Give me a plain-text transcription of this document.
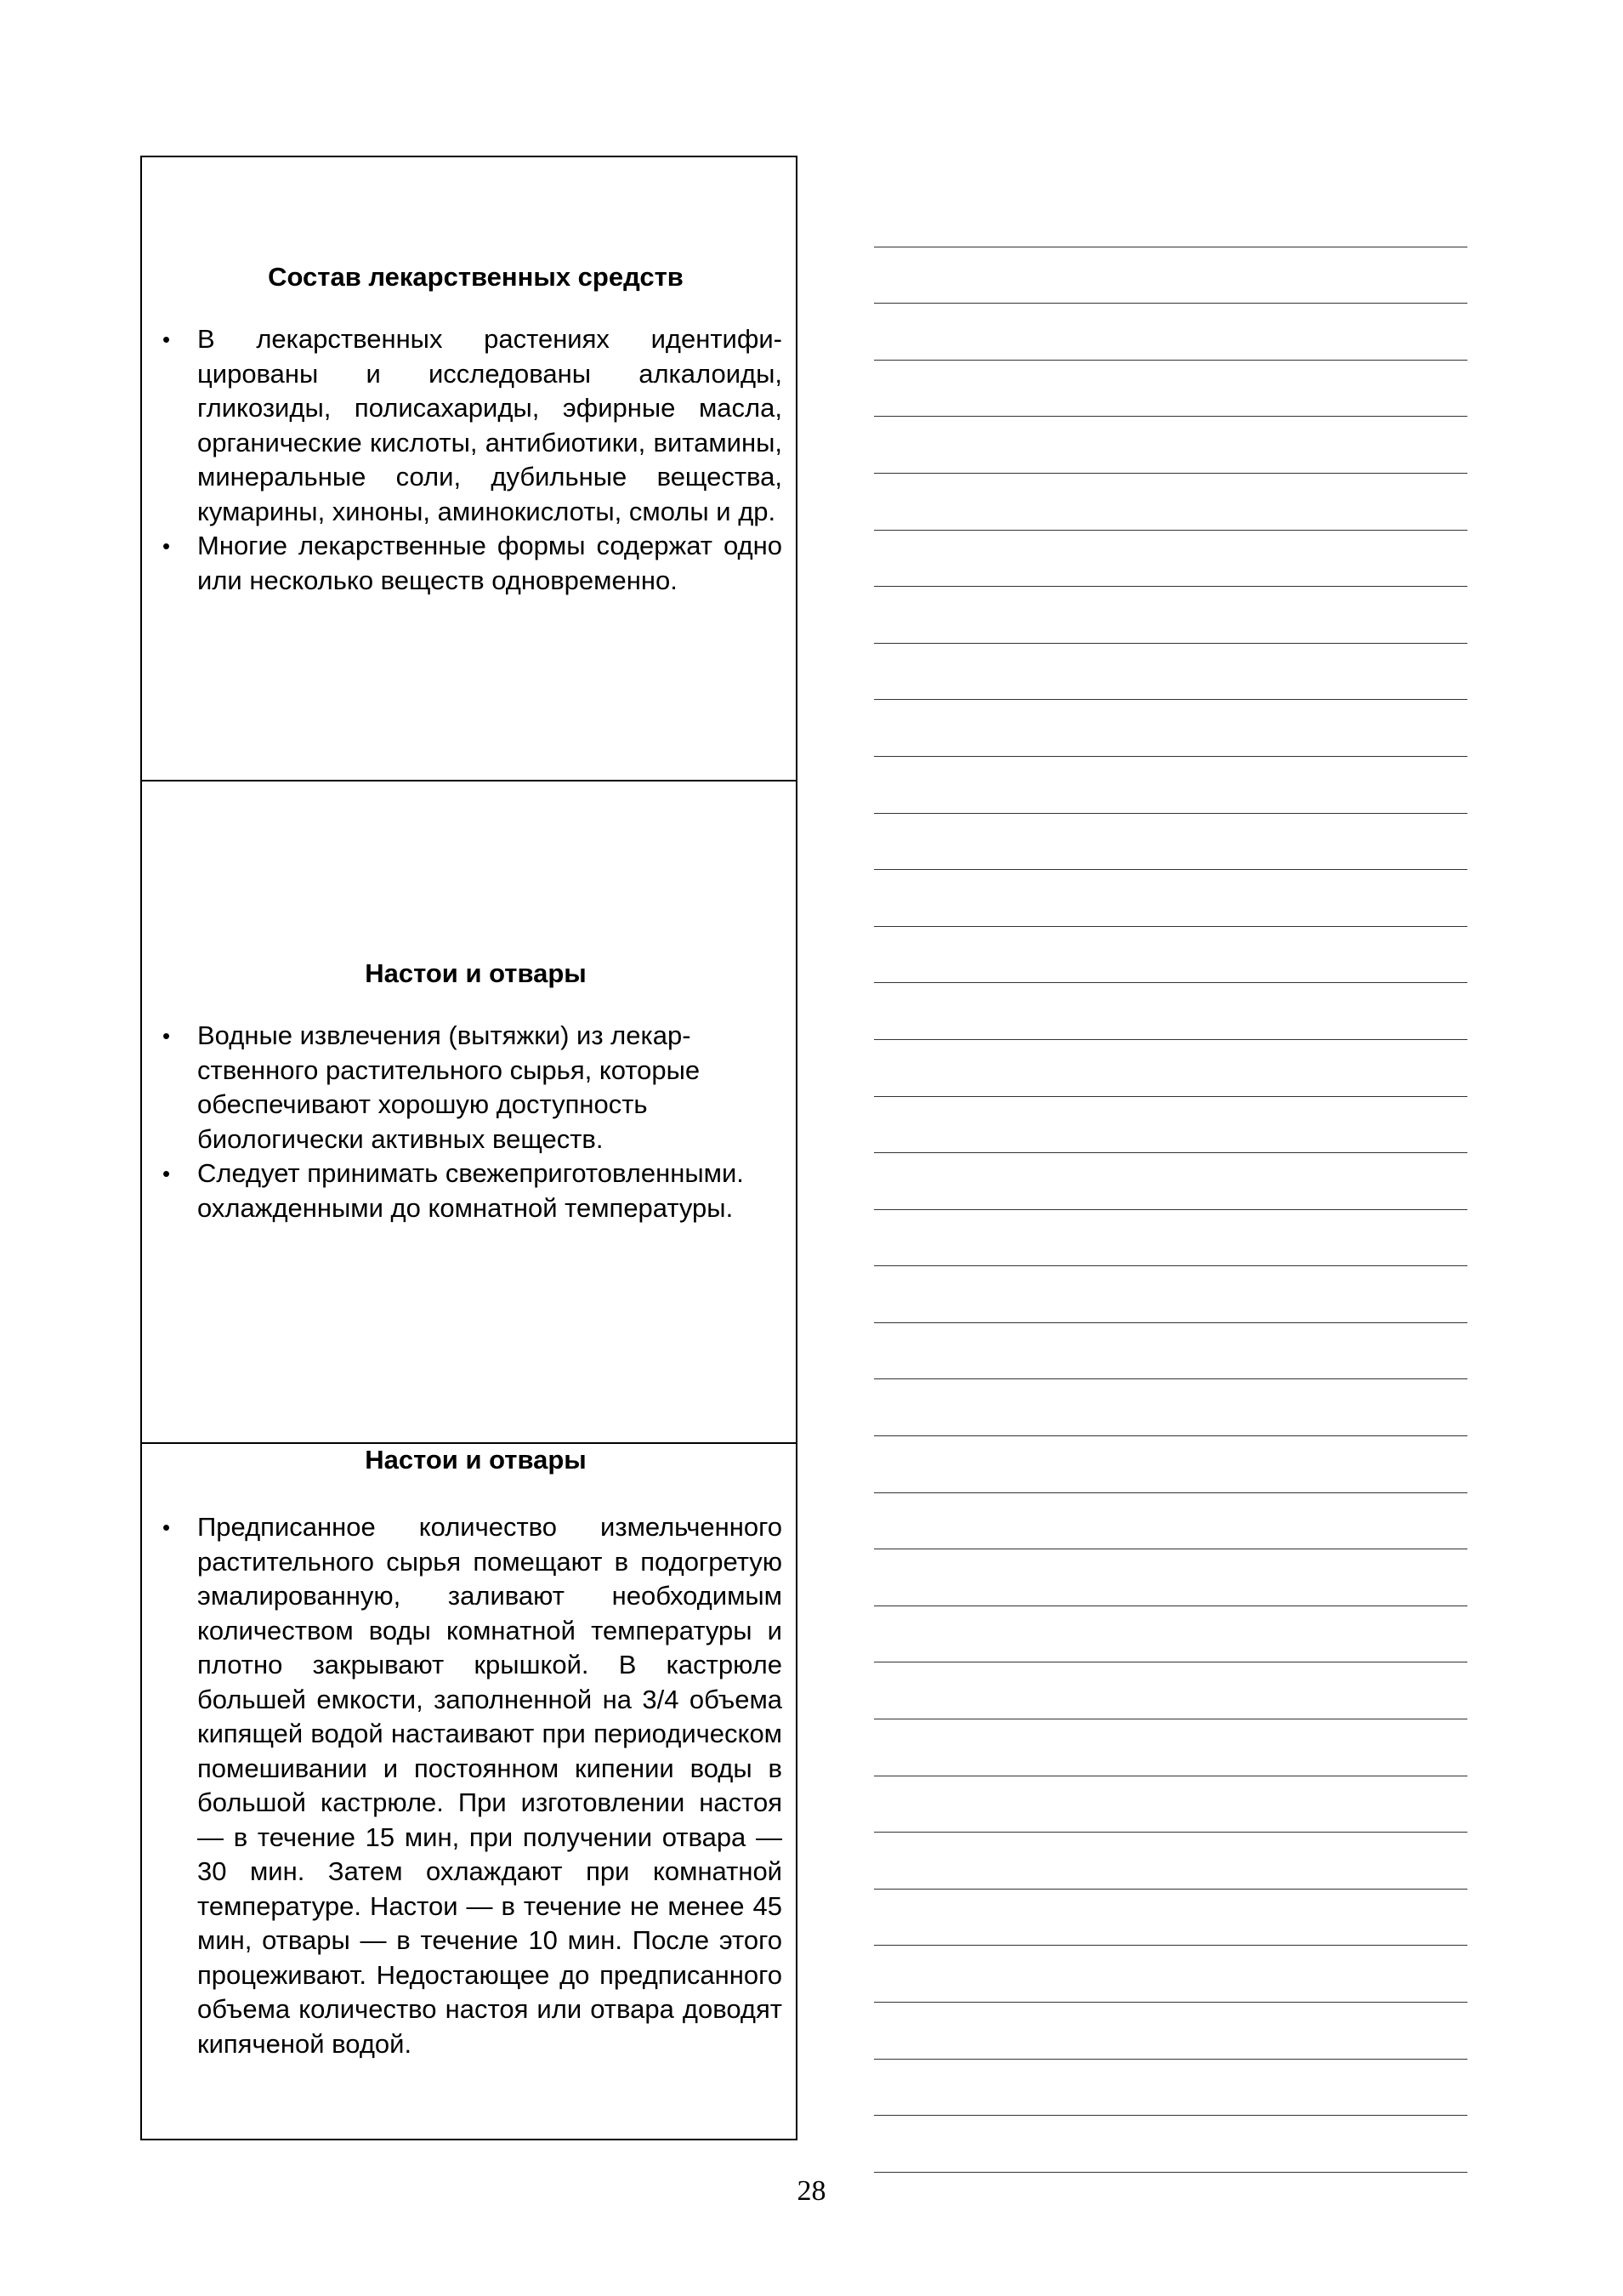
Состав лекарственных средств
• В лекарственных растениях идентифицированы и исследованы алкалоиды, гликозиды, полисахариды, эфирные масла, органические кислоты, антибиотики, витамины, минеральные соли, дубильные вещества, кумарины, хиноны, аминокислоты, смолы и др.
• Многие лекарственные формы содержат одно или несколько веществ одновременно.
Настои и отвары
• Водные извлечения (вытяжки) из лекарственного растительного сырья, которые обеспечивают хорошую доступность биологически активных веществ.
• Следует принимать свежеприготовленными. охлажденными до комнатной температуры.
Настои и отвары
• Предписанное количество измельченного растительного сырья помещают в подогретую эмалированную, заливают необходимым количеством воды комнатной температуры и плотно закрывают крышкой. В кастрюле большей емкости, заполненной на 3/4 объема кипящей водой настаивают при периодическом помешивании и постоянном кипении воды в большой кастрюле. При изготовлении настоя — в течение 15 мин, при получении отвара — 30 мин. Затем охлаждают при комнатной температуре. Настои — в течение не менее 45 мин, отвары — в течение 10 мин. После этого процеживают. Недостающее до предписанного объема количество настоя или отвара доводят кипяченой водой.
28
